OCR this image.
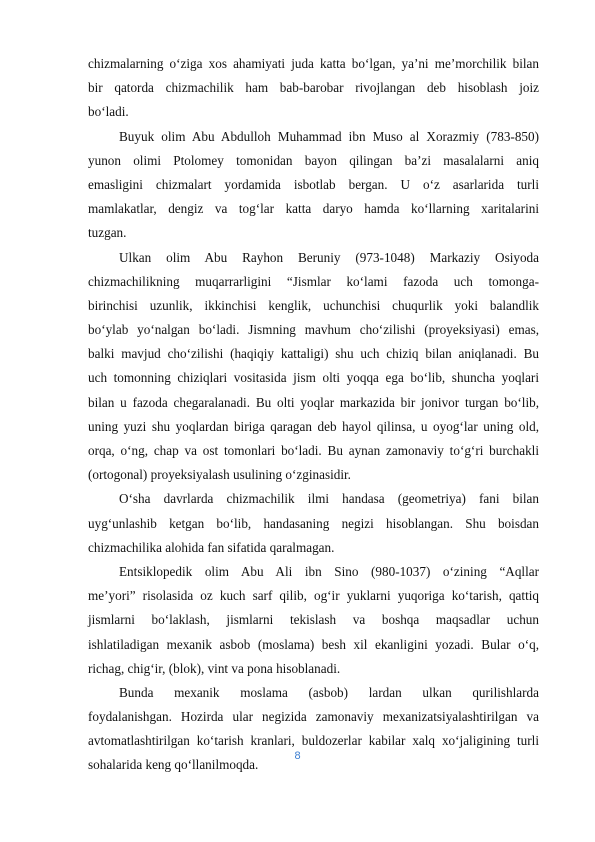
chizmalarning o‘ziga xos ahamiyati juda katta bo‘lgan, ya’ni me’morchilik bilan
bir qatorda chizmachilik ham bab-barobar rivojlangan deb hisoblash joiz
bo‘ladi.
Buyuk olim Abu Abdulloh Muhammad ibn Muso al Xorazmiy (783-850)
yunon olimi Ptolomey tomonidan bayon qilingan ba’zi masalalarni aniq
emasligini chizmalart yordamida isbotlab bergan. U o‘z asarlarida turli
mamlakatlar, dengiz va tog‘lar katta daryo hamda ko‘llarning xaritalarini
tuzgan.
Ulkan olim Abu Rayhon Beruniy (973-1048) Markaziy Osiyoda
chizmachilikning muqarrarligini “Jismlar ko‘lami fazoda uch tomonga-
birinchisi uzunlik, ikkinchisi kenglik, uchunchisi chuqurlik yoki balandlik
bo‘ylab yo‘nalgan bo‘ladi. Jismning mavhum cho‘zilishi (proyeksiyasi) emas,
balki mavjud cho‘zilishi (haqiqiy kattaligi) shu uch chiziq bilan aniqlanadi. Bu
uch tomonning chiziqlari vositasida jism olti yoqqa ega bo‘lib, shuncha yoqlari
bilan u fazoda chegaralanadi. Bu olti yoqlar markazida bir jonivor turgan bo‘lib,
uning yuzi shu yoqlardan biriga qaragan deb hayol qilinsa, u oyog‘lar uning old,
orqa, o‘ng, chap va ost tomonlari bo‘ladi. Bu aynan zamonaviy to‘g‘ri burchakli
(ortogonal) proyeksiyalash usulining o‘zginasidir.
O‘sha davrlarda chizmachilik ilmi handasa (geometriya) fani bilan
uyg‘unlashib ketgan bo‘lib, handasaning negizi hisoblangan. Shu boisdan
chizmachilika alohida fan sifatida qaralmagan.
Entsiklopedik olim Abu Ali ibn Sino (980-1037) o‘zining “Aqllar
me’yori” risolasida oz kuch sarf qilib, og‘ir yuklarni yuqoriga ko‘tarish, qattiq
jismlarni bo‘laklash, jismlarni tekislash va boshqa maqsadlar uchun
ishlatiladigan mexanik asbob (moslama) besh xil ekanligini yozadi. Bular o‘q,
richag, chig‘ir, (blok), vint va pona hisoblanadi.
Bunda mexanik moslama (asbob) lardan ulkan qurilishlarda
foydalanishgan. Hozirda ular negizida zamonaviy mexanizatsiyalashtirilgan va
avtomatlashtirilgan ko‘tarish kranlari, buldozerlar kabilar xalq xo‘jaligining turli
sohalarida keng qo‘llanilmoqda.
8
